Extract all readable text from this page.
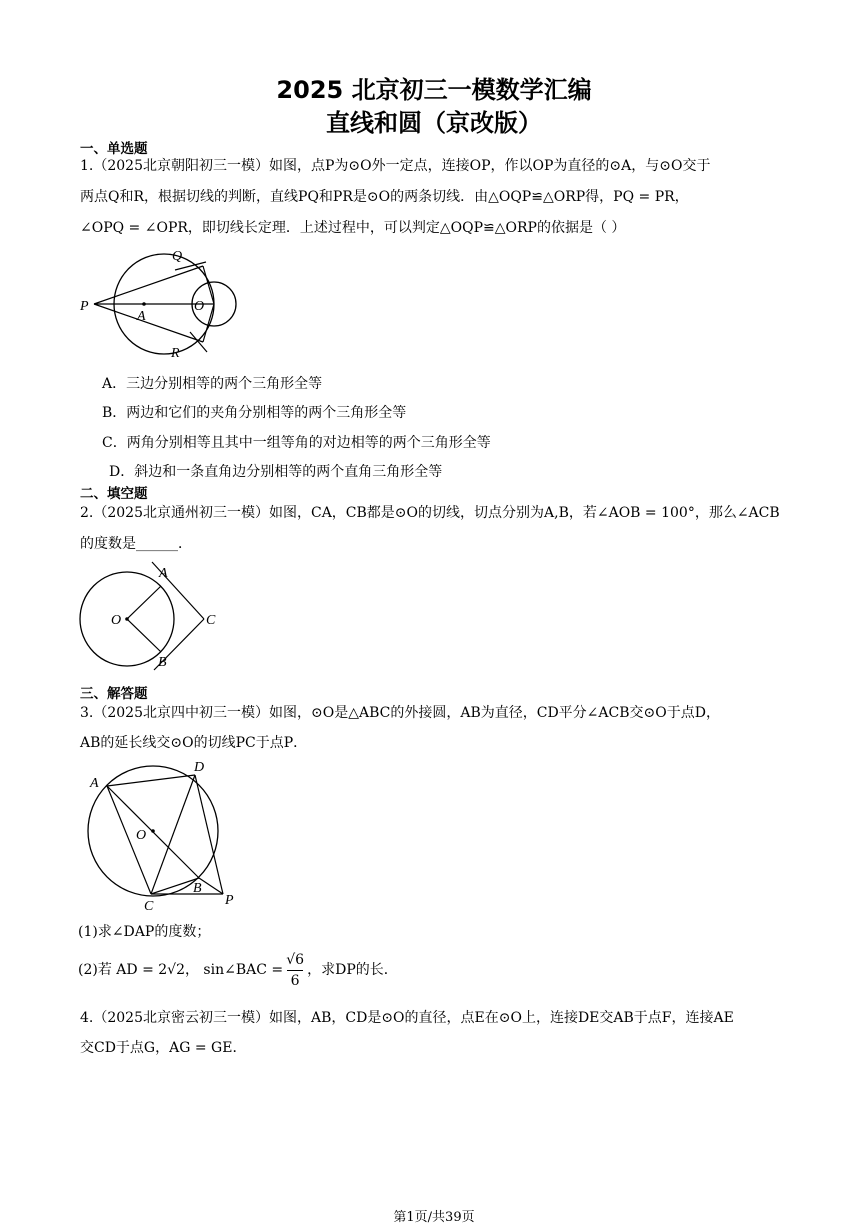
2025 北京初三一模数学汇编
直线和圆（京改版）
一、单选题
1.（2025北京朝阳初三一模）如图，点P为⊙O外一定点，连接OP，作以OP为直径的⊙A，与⊙O交于
两点Q和R，根据切线的判断，直线PQ和PR是⊙O的两条切线．由△OQP≌△ORP得，PQ = PR，
∠OPQ = ∠OPR，即切线长定理．上述过程中，可以判定△OQP≌△ORP的依据是（ ）
P
Q
O
A
R
A．三边分别相等的两个三角形全等
B．两边和它们的夹角分别相等的两个三角形全等
C．两角分别相等且其中一组等角的对边相等的两个三角形全等
D．斜边和一条直角边分别相等的两个直角三角形全等
二、填空题
2.（2025北京通州初三一模）如图，CA，CB都是⊙O的切线，切点分别为A,B，若∠AOB = 100°，那么∠ACB
的度数是______．
A
O	C
B
三、解答题
3.（2025北京四中初三一模）如图，⊙O是△ABC的外接圆，AB为直径，CD平分∠ACB交⊙O于点D，
AB的延长线交⊙O的切线PC于点P．
A
D
O
B
C	P
(1)求∠DAP的度数；
(2)若 AD = 2√2， sin∠BAC = $\frac{√6}{6}$ ，求DP的长．
4.（2025北京密云初三一模）如图，AB，CD是⊙O的直径，点E在⊙O上，连接DE交AB于点F，连接AE
交CD于点G，AG = GE．
第1页/共39页
